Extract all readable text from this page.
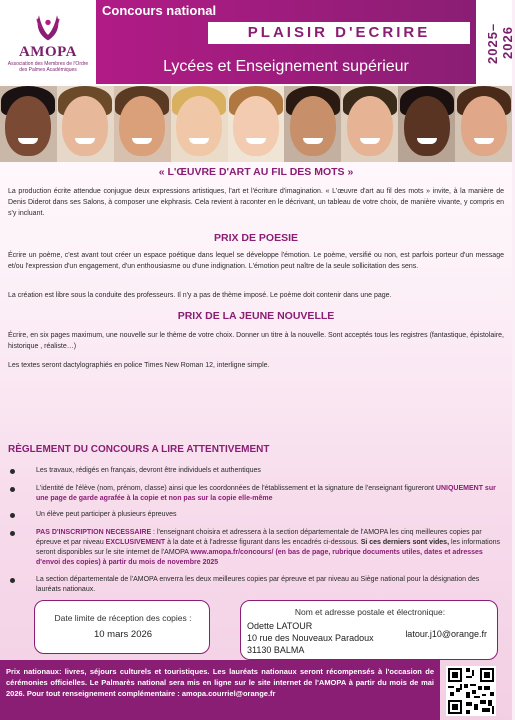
AMOPA
Association des Membres de l'Ordre des Palmes Académiques
Concours national
PLAISIR D'ECRIRE
Lycées et Enseignement supérieur
2025–2026
« L'ŒUVRE D'ART AU FIL DES MOTS »
La production écrite attendue conjugue deux expressions artistiques, l'art et l'écriture d'imagination. « L'œuvre d'art au fil des mots » invite, à la manière de Denis Diderot dans ses Salons, à composer une ekphrasis. Cela revient à raconter en le décrivant, un tableau de votre choix, de manière vivante, y compris en s'y incluant.
PRIX DE POESIE
Écrire un poème, c'est avant tout créer un espace poétique dans lequel se développe l'émotion. Le poème, versifié ou non, est parfois porteur d'un message et/ou l'expression d'un engagement, d'un enthousiasme ou d'une indignation. L'émotion peut naître de la seule sollicitation des sens.
La création est libre sous la conduite des professeurs. Il n'y a pas de thème imposé. Le poème doit contenir dans une page.
PRIX DE LA JEUNE NOUVELLE
Écrire, en six pages maximum, une nouvelle sur le thème de votre choix. Donner un titre à la nouvelle. Sont acceptés tous les registres (fantastique, épistolaire, historique , réaliste…)
Les textes seront dactylographiés en police Times New Roman 12, interligne simple.
RÈGLEMENT DU CONCOURS A LIRE ATTENTIVEMENT
Les travaux, rédigés en français, devront être individuels et authentiques
L'identité de l'élève (nom, prénom, classe) ainsi que les coordonnées de l'établissement et la signature de l'enseignant figureront UNIQUEMENT sur une page de garde agrafée à la copie et non pas sur la copie elle-même
Un élève peut participer à plusieurs épreuves
PAS D'INSCRIPTION NECESSAIRE : l'enseignant choisira et adressera à la section départementale de l'AMOPA les cinq meilleures copies par épreuve et par niveau EXCLUSIVEMENT à la date et à l'adresse figurant dans les encadrés ci-dessous. Si ces derniers sont vides, les informations seront disponibles sur le site internet de l'AMOPA www.amopa.fr/concours/ (en bas de page, rubrique documents utiles, dates et adresses d'envoi des copies) à partir du mois de novembre 2025
La section départementale de l'AMOPA enverra les deux meilleures copies par épreuve et par niveau au Siège national pour la désignation des lauréats nationaux.
Date limite de réception des copies :
10 mars 2026
Nom et adresse postale et électronique:
Odette LATOUR
10 rue des Nouveaux Paradoux
31130 BALMA
latour.j10@orange.fr
Prix nationaux: livres, séjours culturels et touristiques. Les lauréats nationaux seront récompensés à l'occasion de cérémonies officielles. Le Palmarès national sera mis en ligne sur le site internet de l'AMOPA à partir du mois de mai 2026. Pour tout renseignement complémentaire : amopa.courriel@orange.fr
